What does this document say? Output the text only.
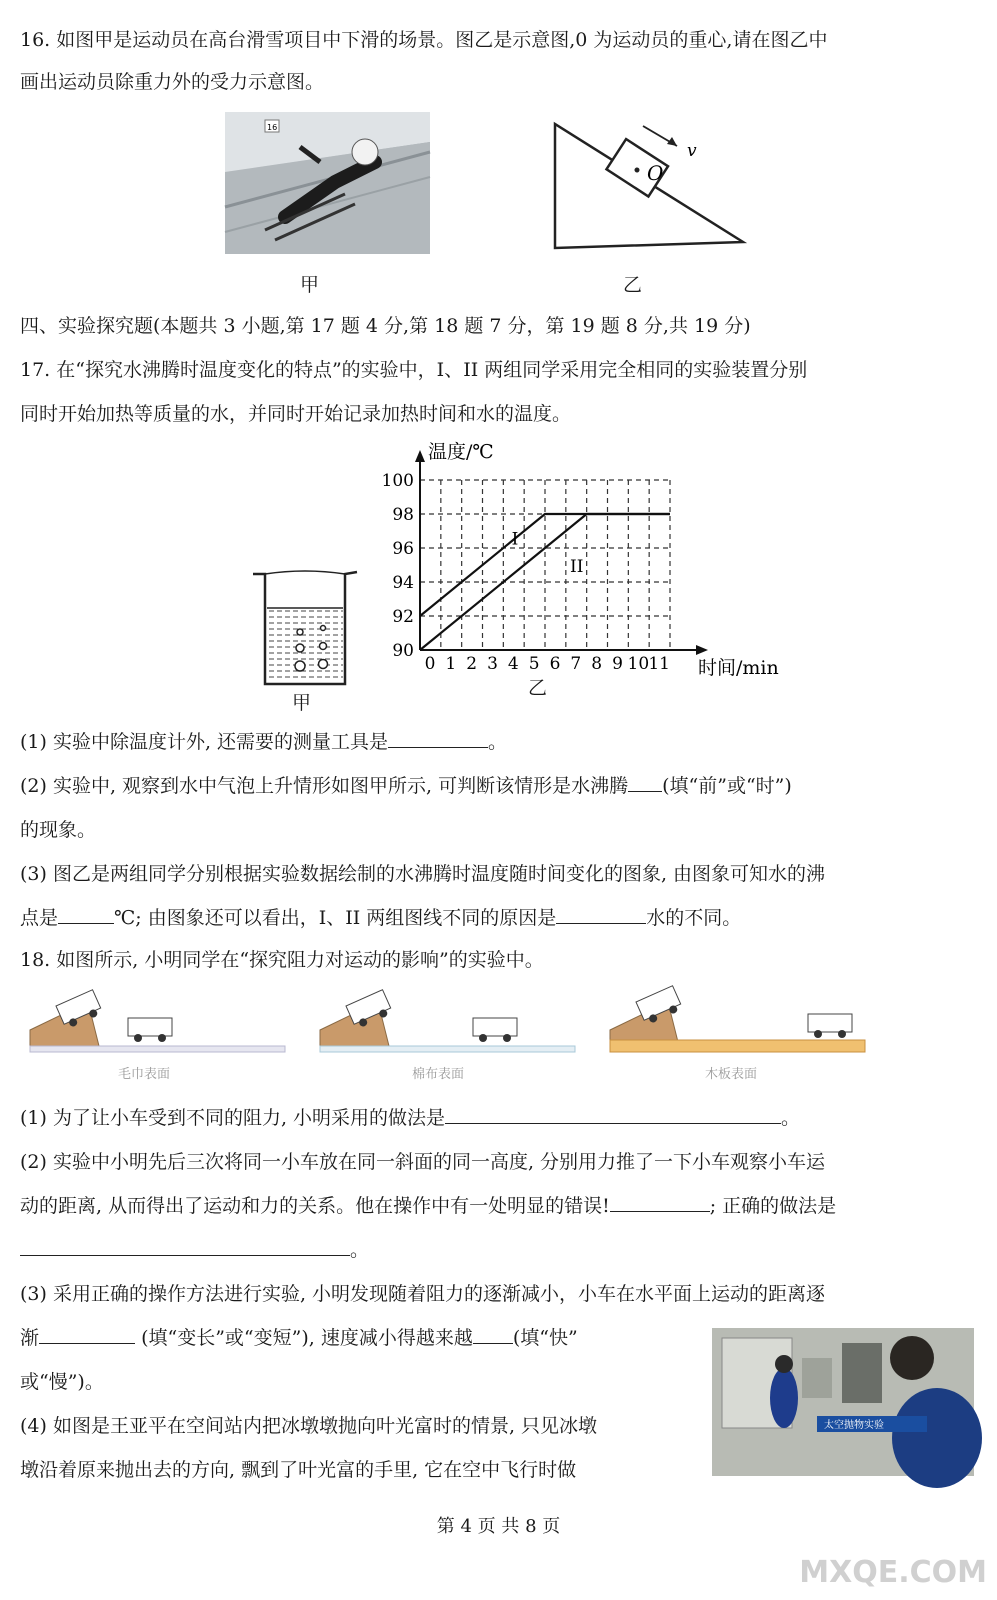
16. 如图甲是运动员在高台滑雪项目中下滑的场景。图乙是示意图,0 为运动员的重心,请在图乙中

画出运动员除重力外的受力示意图。

16
O
v
甲	乙

四、实验探究题(本题共 3 小题,第 17 题 4 分,第 18 题 7 分，第 19 题 8 分,共 19 分)

17. 在“探究水沸腾时温度变化的特点”的实验中，I、II 两组同学采用完全相同的实验装置分别

同时开始加热等质量的水，并同时开始记录加热时间和水的温度。

甲
90
92
94
96
98
100
0 1 2 3 4 5 6 7 8 9 10 11
温度/℃
时间/min
I
II
乙

(1) 实验中除温度计外, 还需要的测量工具是	。

(2) 实验中, 观察到水中气泡上升情形如图甲所示, 可判断该情形是水沸腾 (填“前”或“时”)

的现象。

(3) 图乙是两组同学分别根据实验数据绘制的水沸腾时温度随时间变化的图象, 由图象可知水的沸

点是	℃; 由图象还可以看出，I、II 两组图线不同的原因是	水的不同。

18. 如图所示, 小明同学在“探究阻力对运动的影响”的实验中。

毛巾表面	棉布表面	木板表面

(1) 为了让小车受到不同的阻力, 小明采用的做法是	。

(2) 实验中小明先后三次将同一小车放在同一斜面的同一高度, 分别用力推了一下小车观察小车运

动的距离, 从而得出了运动和力的关系。他在操作中有一处明显的错误!	; 正确的做法是

。

(3) 采用正确的操作方法进行实验, 小明发现随着阻力的逐渐减小，小车在水平面上运动的距离逐

渐	(填“变长”或“变短”), 速度减小得越来越 (填“快”

或“慢”)。

(4) 如图是王亚平在空间站内把冰墩墩抛向叶光富时的情景, 只见冰墩

墩沿着原来抛出去的方向, 飘到了叶光富的手里, 它在空中飞行时做

太空抛物实验
第 4 页 共 8 页
MXQE.COM
